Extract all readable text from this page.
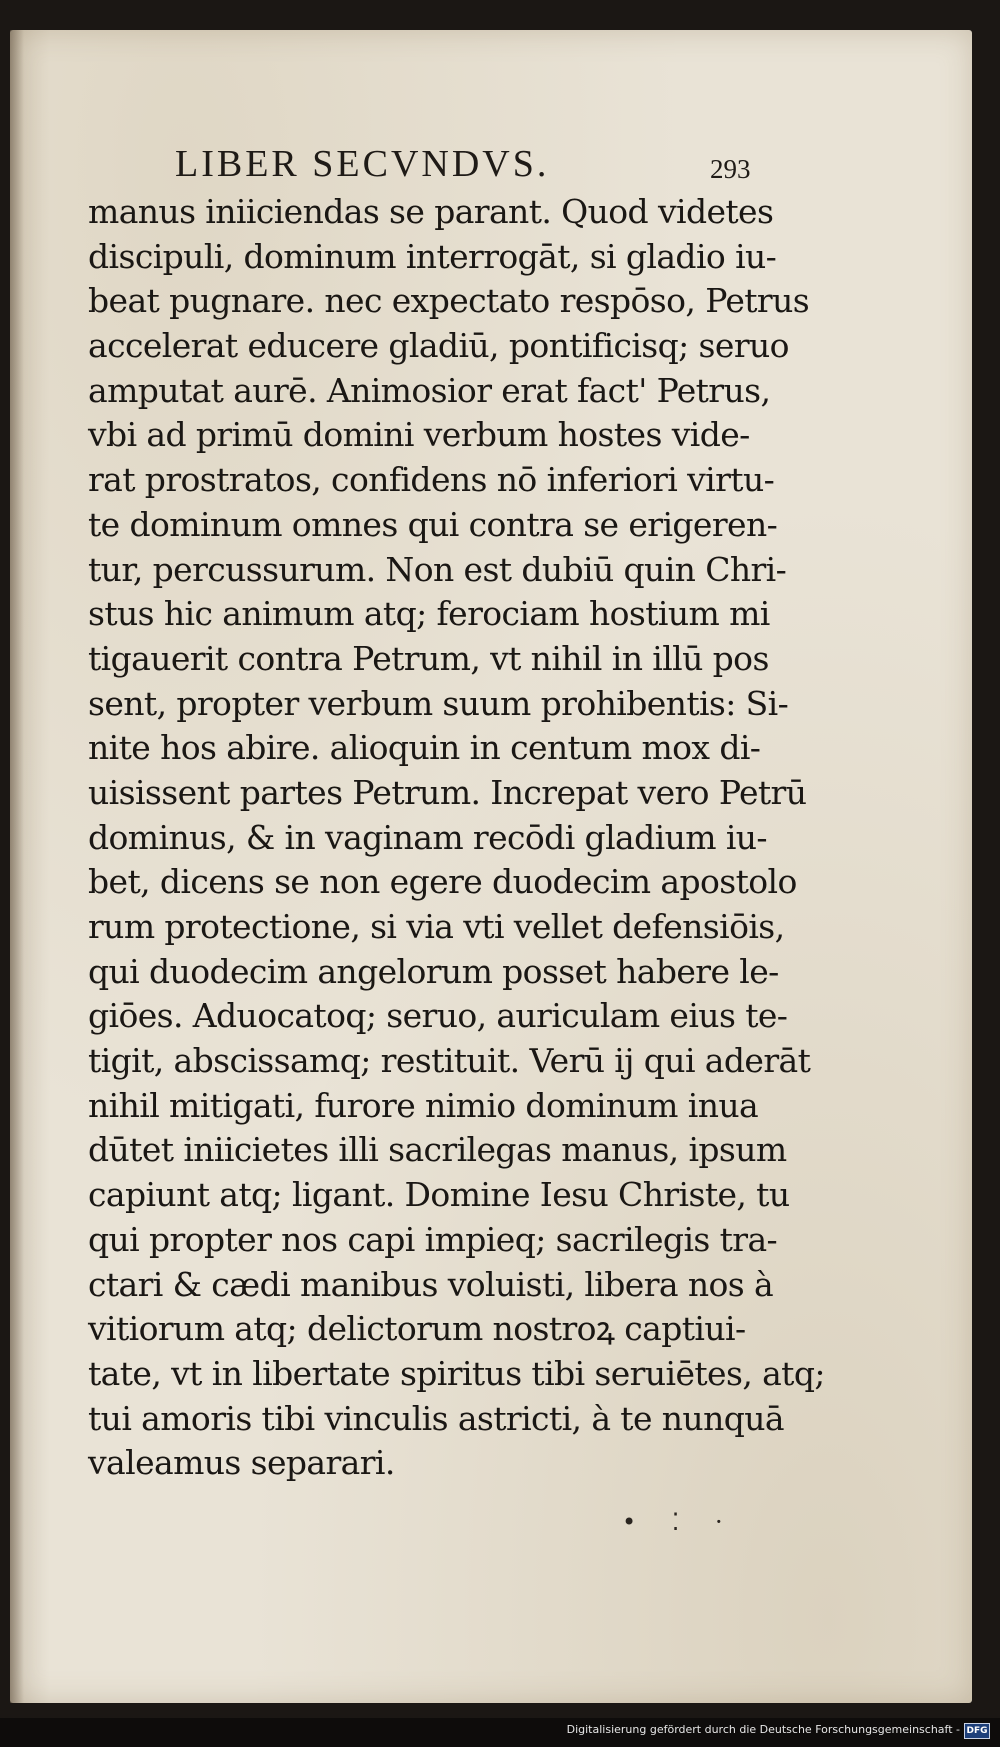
LIBER SECVNDVS.	293
manus iniiciendas se parant. Quod videtes
discipuli, dominum interrogāt, si gladio iu-
beat pugnare. nec expectato respōso, Petrus
accelerat educere gladiū, pontificisq; seruo
amputat aurē. Animosior erat fact' Petrus,
vbi ad primū domini verbum hostes vide-
rat prostratos, confidens nō inferiori virtu-
te dominum omnes qui contra se erigeren-
tur, percussurum. Non est dubiū quin Chri-
stus hic animum atq; ferociam hostium mi
tigauerit contra Petrum, vt nihil in illū pos
sent, propter verbum suum prohibentis: Si-
nite hos abire. alioquin in centum mox di-
uisissent partes Petrum. Increpat vero Petrū
dominus, & in vaginam recōdi gladium iu-
bet, dicens se non egere duodecim apostolo
rum protectione, si via vti vellet defensiōis,
qui duodecim angelorum posset habere le-
giōes. Aduocatoq; seruo, auriculam eius te-
tigit, abscissamq; restituit. Verū ij qui aderāt
nihil mitigati, furore nimio dominum inua
dūtet iniicietes illi sacrilegas manus, ipsum
capiunt atq; ligant. Domine Iesu Christe, tu
qui propter nos capi impieq; sacrilegis tra-
ctari & cædi manibus voluisti, libera nos à
vitiorum atq; delictorum nostroꝝ captiui-
tate, vt in libertate spiritus tibi seruiētes, atq;
tui amoris tibi vinculis astricti, à te nunquā
valeamus separari.
• ⁚ ·
Digitalisierung gefördert durch die Deutsche Forschungsgemeinschaft - DFG
